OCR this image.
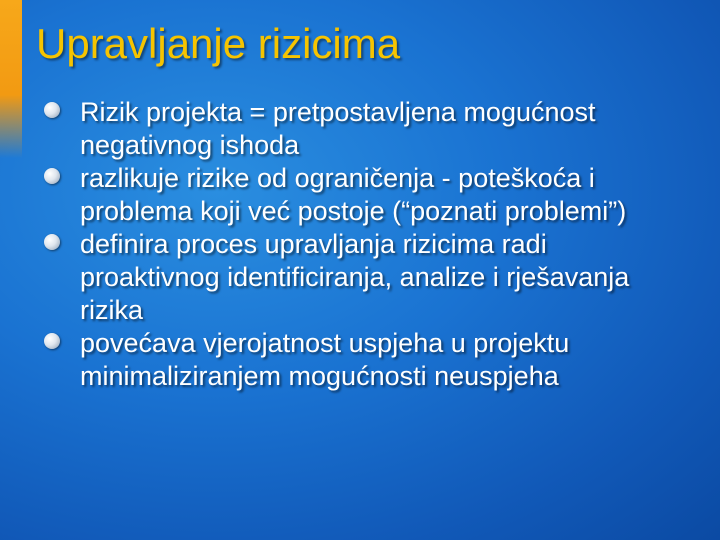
Upravljanje rizicima
Rizik projekta = pretpostavljena mogućnost negativnog ishoda
razlikuje rizike od ograničenja - poteškoća i problema koji već postoje (“poznati problemi”)
definira proces upravljanja rizicima radi proaktivnog identificiranja, analize i rješavanja rizika
povećava vjerojatnost uspjeha u projektu minimaliziranjem mogućnosti neuspjeha
